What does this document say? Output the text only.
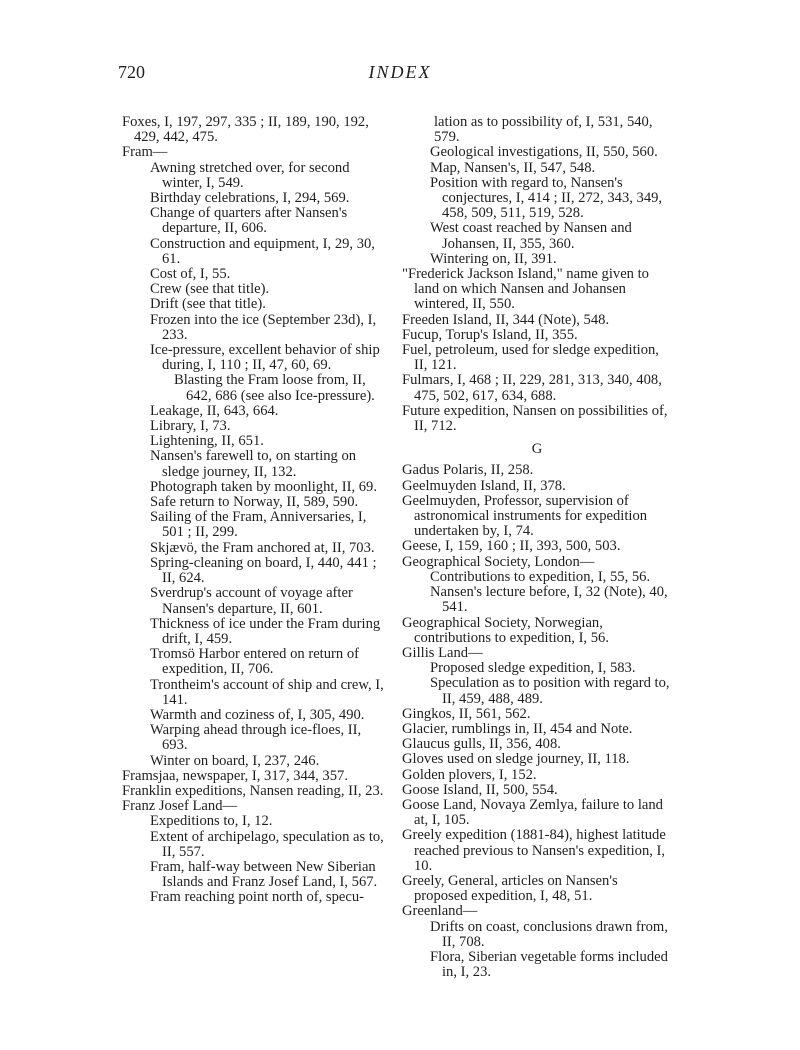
720	INDEX

Foxes, I, 197, 297, 335 ; II, 189, 190, 192, 429, 442, 475.

Fram—

Awning stretched over, for second winter, I, 549.

Birthday celebrations, I, 294, 569.

Change of quarters after Nansen's departure, II, 606.

Construction and equipment, I, 29, 30, 61.

Cost of, I, 55.

Crew (see that title).

Drift (see that title).

Frozen into the ice (September 23d), I, 233.

Ice-pressure, excellent behavior of ship during, I, 110 ; II, 47, 60, 69.

Blasting the Fram loose from, II, 642, 686 (see also Ice-pressure).

Leakage, II, 643, 664.

Library, I, 73.

Lightening, II, 651.

Nansen's farewell to, on starting on sledge journey, II, 132.

Photograph taken by moonlight, II, 69.

Safe return to Norway, II, 589, 590.

Sailing of the Fram, Anniversaries, I, 501 ; II, 299.

Skjævö, the Fram anchored at, II, 703.

Spring-cleaning on board, I, 440, 441 ; II, 624.

Sverdrup's account of voyage after Nansen's departure, II, 601.

Thickness of ice under the Fram during drift, I, 459.

Tromsö Harbor entered on return of expedition, II, 706.

Trontheim's account of ship and crew, I, 141.

Warmth and coziness of, I, 305, 490.

Warping ahead through ice-floes, II, 693.

Winter on board, I, 237, 246.

Framsjaa, newspaper, I, 317, 344, 357.

Franklin expeditions, Nansen reading, II, 23.

Franz Josef Land—

Expeditions to, I, 12.

Extent of archipelago, speculation as to, II, 557.

Fram, half-way between New Siberian Islands and Franz Josef Land, I, 567.

Fram reaching point north of, specu-

lation as to possibility of, I, 531, 540, 579.

Geological investigations, II, 550, 560.

Map, Nansen's, II, 547, 548.

Position with regard to, Nansen's conjectures, I, 414 ; II, 272, 343, 349, 458, 509, 511, 519, 528.

West coast reached by Nansen and Johansen, II, 355, 360.

Wintering on, II, 391.

"Frederick Jackson Island," name given to land on which Nansen and Johansen wintered, II, 550.

Freeden Island, II, 344 (Note), 548.

Fucup, Torup's Island, II, 355.

Fuel, petroleum, used for sledge expedition, II, 121.

Fulmars, I, 468 ; II, 229, 281, 313, 340, 408, 475, 502, 617, 634, 688.

Future expedition, Nansen on possibilities of, II, 712.

G

Gadus Polaris, II, 258.

Geelmuyden Island, II, 378.

Geelmuyden, Professor, supervision of astronomical instruments for expedition undertaken by, I, 74.

Geese, I, 159, 160 ; II, 393, 500, 503.

Geographical Society, London—

Contributions to expedition, I, 55, 56.

Nansen's lecture before, I, 32 (Note), 40, 541.

Geographical Society, Norwegian, contributions to expedition, I, 56.

Gillis Land—

Proposed sledge expedition, I, 583.

Speculation as to position with regard to, II, 459, 488, 489.

Gingkos, II, 561, 562.

Glacier, rumblings in, II, 454 and Note.

Glaucus gulls, II, 356, 408.

Gloves used on sledge journey, II, 118.

Golden plovers, I, 152.

Goose Island, II, 500, 554.

Goose Land, Novaya Zemlya, failure to land at, I, 105.

Greely expedition (1881-84), highest latitude reached previous to Nansen's expedition, I, 10.

Greely, General, articles on Nansen's proposed expedition, I, 48, 51.

Greenland—

Drifts on coast, conclusions drawn from, II, 708.

Flora, Siberian vegetable forms included in, I, 23.
